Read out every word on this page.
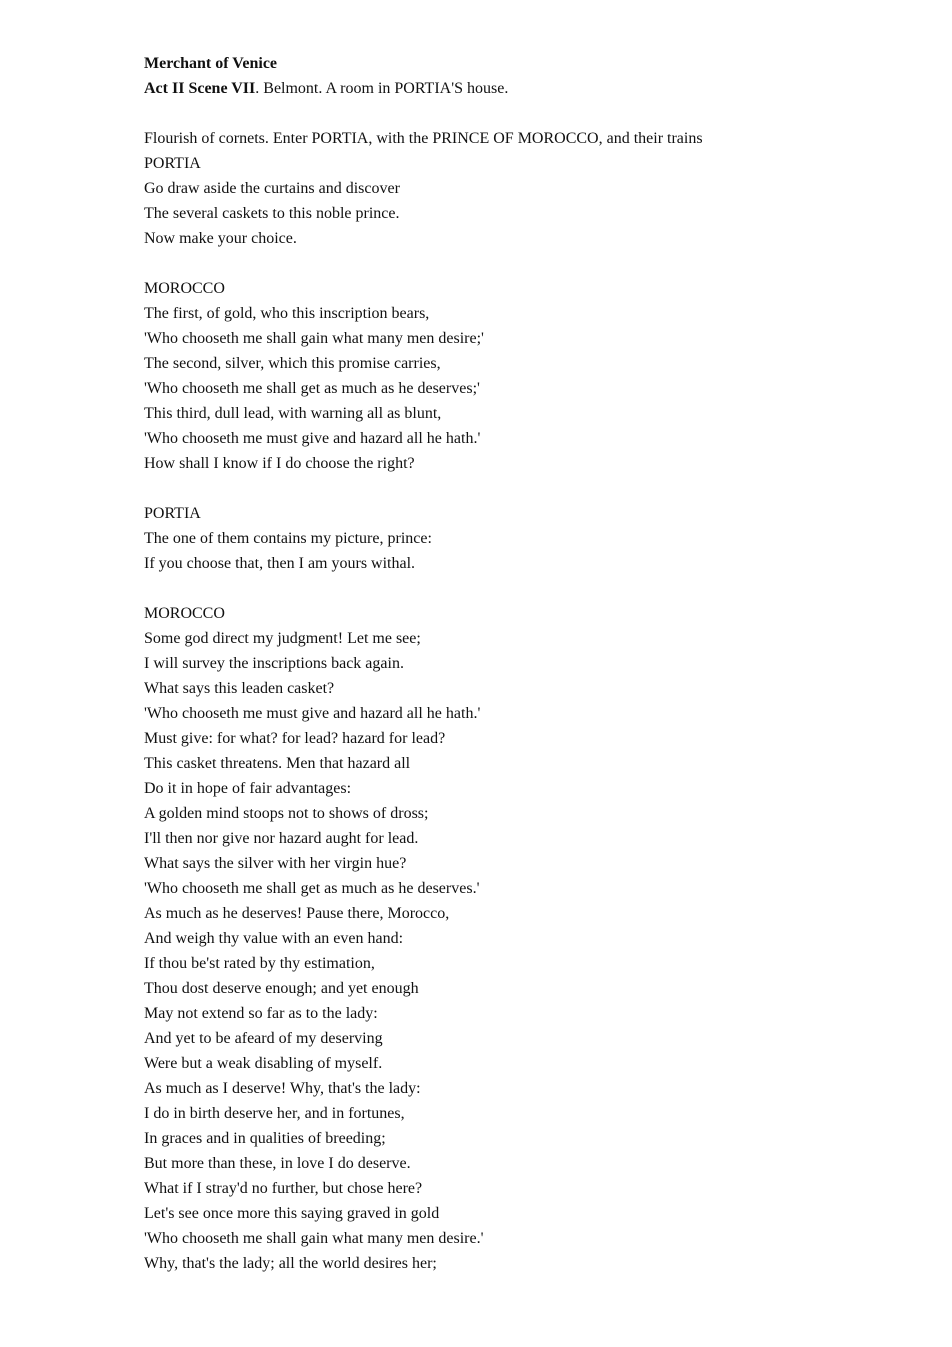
Merchant of Venice
Act II Scene VII. Belmont. A room in PORTIA'S house.
Flourish of cornets. Enter PORTIA, with the PRINCE OF MOROCCO, and their trains
PORTIA
Go draw aside the curtains and discover
The several caskets to this noble prince.
Now make your choice.
MOROCCO
The first, of gold, who this inscription bears,
'Who chooseth me shall gain what many men desire;'
The second, silver, which this promise carries,
'Who chooseth me shall get as much as he deserves;'
This third, dull lead, with warning all as blunt,
'Who chooseth me must give and hazard all he hath.'
How shall I know if I do choose the right?
PORTIA
The one of them contains my picture, prince:
If you choose that, then I am yours withal.
MOROCCO
Some god direct my judgment! Let me see;
I will survey the inscriptions back again.
What says this leaden casket?
'Who chooseth me must give and hazard all he hath.'
Must give: for what? for lead? hazard for lead?
This casket threatens. Men that hazard all
Do it in hope of fair advantages:
A golden mind stoops not to shows of dross;
I'll then nor give nor hazard aught for lead.
What says the silver with her virgin hue?
'Who chooseth me shall get as much as he deserves.'
As much as he deserves! Pause there, Morocco,
And weigh thy value with an even hand:
If thou be'st rated by thy estimation,
Thou dost deserve enough; and yet enough
May not extend so far as to the lady:
And yet to be afeard of my deserving
Were but a weak disabling of myself.
As much as I deserve! Why, that's the lady:
I do in birth deserve her, and in fortunes,
In graces and in qualities of breeding;
But more than these, in love I do deserve.
What if I stray'd no further, but chose here?
Let's see once more this saying graved in gold
'Who chooseth me shall gain what many men desire.'
Why, that's the lady; all the world desires her;
